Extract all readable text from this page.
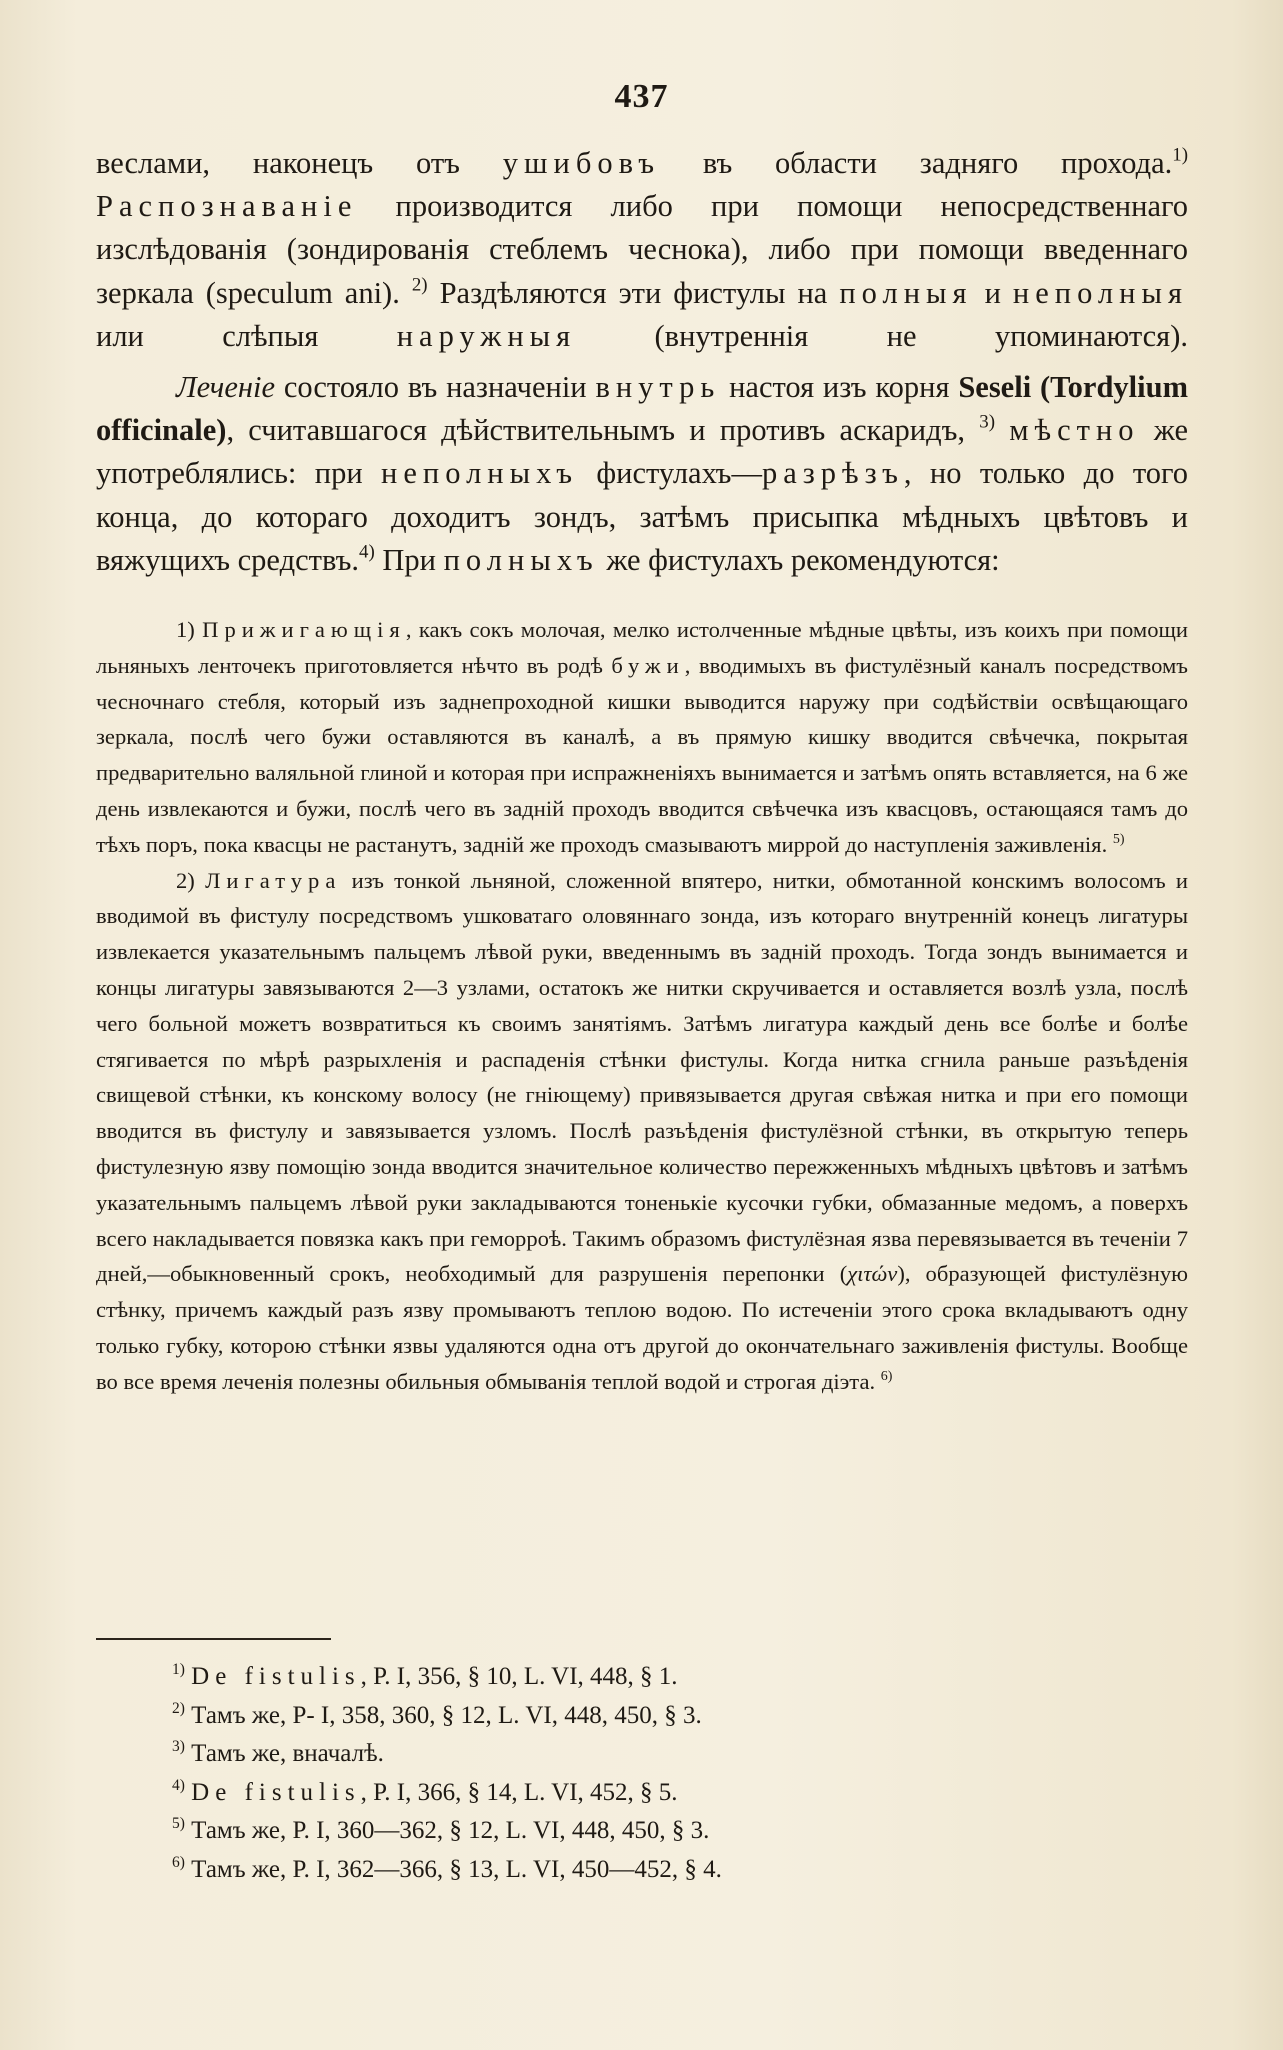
437

веслами, наконецъ отъ ушибовъ въ области задняго прохода.$^{1)}$
Распознаваніе производится либо при помощи непосредственнаго изслѣдованія (зондированія стеблемъ чеснока), либо при помощи введеннаго зеркала (speculum ani). $^{2)}$ Раздѣляются эти фистулы на полныя и неполныя или слѣпыя наружныя (внутреннія не упоминаются).

Леченіе состояло въ назначеніи внутрь настоя изъ корня Seseli (Tordylium officinale), считавшагося дѣйствительнымъ и противъ аскаридъ, $^{3)}$ мѣстно же употреблялись: при неполныхъ фистулахъ—разрѣзъ, но только до того конца, до котораго доходитъ зондъ, затѣмъ присыпка мѣдныхъ цвѣтовъ и вяжущихъ средствъ.$^{4)}$ При полныхъ же фистулахъ рекомендуются:

1) Прижигающія, какъ сокъ молочая, мелко истолченные мѣдные цвѣты, изъ коихъ при помощи льняныхъ ленточекъ приготовляется нѣчто въ родѣ бужи, вводимыхъ въ фистулёзный каналъ посредствомъ чесночнаго стебля, который изъ заднепроходной кишки выводится наружу при содѣйствіи освѣщающаго зеркала, послѣ чего бужи оставляются въ каналѣ, а въ прямую кишку вводится свѣчечка, покрытая предварительно валяльной глиной и которая при испражненіяхъ вынимается и затѣмъ опять вставляется, на 6 же день извлекаются и бужи, послѣ чего въ заднiй проходъ вводится свѣчечка изъ квасцовъ, остающаяся тамъ до тѣхъ поръ, пока квасцы не растанутъ, заднiй же проходъ смазываютъ миррой до наступленія заживленія. $^{5)}$

2) Лигатура изъ тонкой льняной, сложенной впятеро, нитки, обмотанной конскимъ волосомъ и вводимой въ фистулу посредствомъ ушковатаго оловяннаго зонда, изъ котораго внутреннiй конецъ лигатуры извлекается указательнымъ пальцемъ лѣвой руки, введеннымъ въ заднiй проходъ. Тогда зондъ вынимается и концы лигатуры завязываются 2—3 узлами, остатокъ же нитки скручивается и оставляется возлѣ узла, послѣ чего больной можетъ возвратиться къ своимъ занятіямъ. Затѣмъ лигатура каждый день все болѣе и болѣе стягивается по мѣрѣ разрыхленія и распаденія стѣнки фистулы. Когда нитка сгнила раньше разъѣденія свищевой стѣнки, къ конскому волосу (не гніющему) привязывается другая свѣжая нитка и при его помощи вводится въ фистулу и завязывается узломъ. Послѣ разъѣденія фистулёзной стѣнки, въ открытую теперь фистулезную язву помощію зонда вводится значительное количество пережженныхъ мѣдныхъ цвѣтовъ и затѣмъ указательнымъ пальцемъ лѣвой руки закладываются тоненькіе кусочки губки, обмазанные медомъ, а поверхъ всего накладывается повязка какъ при геморроѣ. Такимъ образомъ фистулёзная язва перевязывается въ теченіи 7 дней,—обыкновенный срокъ, необходимый для разрушенія перепонки (χιτών), образующей фистулёзную стѣнку, причемъ каждый разъ язву промываютъ теплою водою. По истеченіи этого срока вкладываютъ одну только губку, которою стѣнки язвы удаляются одна отъ другой до окончательнаго заживленія фистулы. Вообще во все время леченія полезны обильныя обмыванія теплой водой и строгая діэта. $^{6)}$

$^{1)}$ De fistulis, P. I, 356, § 10, L. VI, 448, § 1.
$^{2)}$ Тамъ же, P- I, 358, 360, § 12, L. VI, 448, 450, § 3.
$^{3)}$ Тамъ же, вначалѣ.
$^{4)}$ De fistulis, P. I, 366, § 14, L. VI, 452, § 5.
$^{5)}$ Тамъ же, P. I, 360—362, § 12, L. VI, 448, 450, § 3.
$^{6)}$ Тамъ же, P. I, 362—366, § 13, L. VI, 450—452, § 4.
